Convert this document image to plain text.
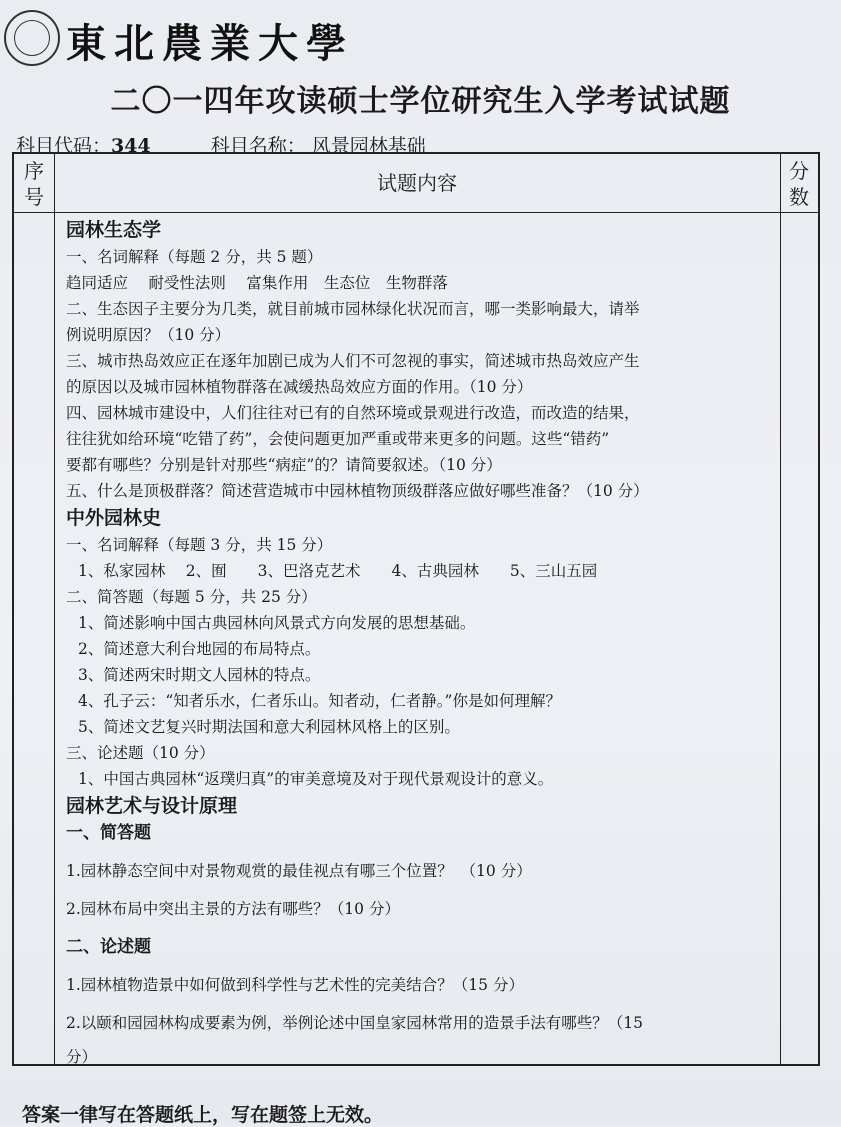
東北農業大學
二〇一四年攻读硕士学位研究生入学考试试题
科目代码：344	科目名称： 风景园林基础
序号
试题内容	分数
园林生态学
一、名词解释（每题 2 分，共 5 题）
趋同适应　 耐受性法则　 富集作用　生态位　生物群落
二、生态因子主要分为几类，就目前城市园林绿化状况而言，哪一类影响最大，请举
例说明原因？（10 分）
三、城市热岛效应正在逐年加剧已成为人们不可忽视的事实，简述城市热岛效应产生
的原因以及城市园林植物群落在减缓热岛效应方面的作用。（10 分）
四、园林城市建设中，人们往往对已有的自然环境或景观进行改造，而改造的结果，
往往犹如给环境“吃错了药”，会使问题更加严重或带来更多的问题。这些“错药”
要都有哪些？分别是针对那些“病症”的？请简要叙述。（10 分）
五、什么是顶极群落？简述营造城市中园林植物顶级群落应做好哪些准备？（10 分）
中外园林史
一、名词解释（每题 3 分，共 15 分）
1、私家园林　 2、囿　　3、巴洛克艺术　　4、古典园林　　5、三山五园
二、简答题（每题 5 分，共 25 分）
1、简述影响中国古典园林向风景式方向发展的思想基础。
2、简述意大利台地园的布局特点。
3、简述两宋时期文人园林的特点。
4、孔子云：“知者乐水，仁者乐山。知者动，仁者静。”你是如何理解？
5、简述文艺复兴时期法国和意大利园林风格上的区别。
三、论述题（10 分）
1、中国古典园林“返璞归真”的审美意境及对于现代景观设计的意义。
园林艺术与设计原理
一、简答题
1.园林静态空间中对景物观赏的最佳视点有哪三个位置？　（10 分）
2.园林布局中突出主景的方法有哪些？（10 分）
二、论述题
1.园林植物造景中如何做到科学性与艺术性的完美结合？（15 分）
2.以颐和园园林构成要素为例，举例论述中国皇家园林常用的造景手法有哪些？（15
分）
答案一律写在答题纸上，写在题签上无效。
